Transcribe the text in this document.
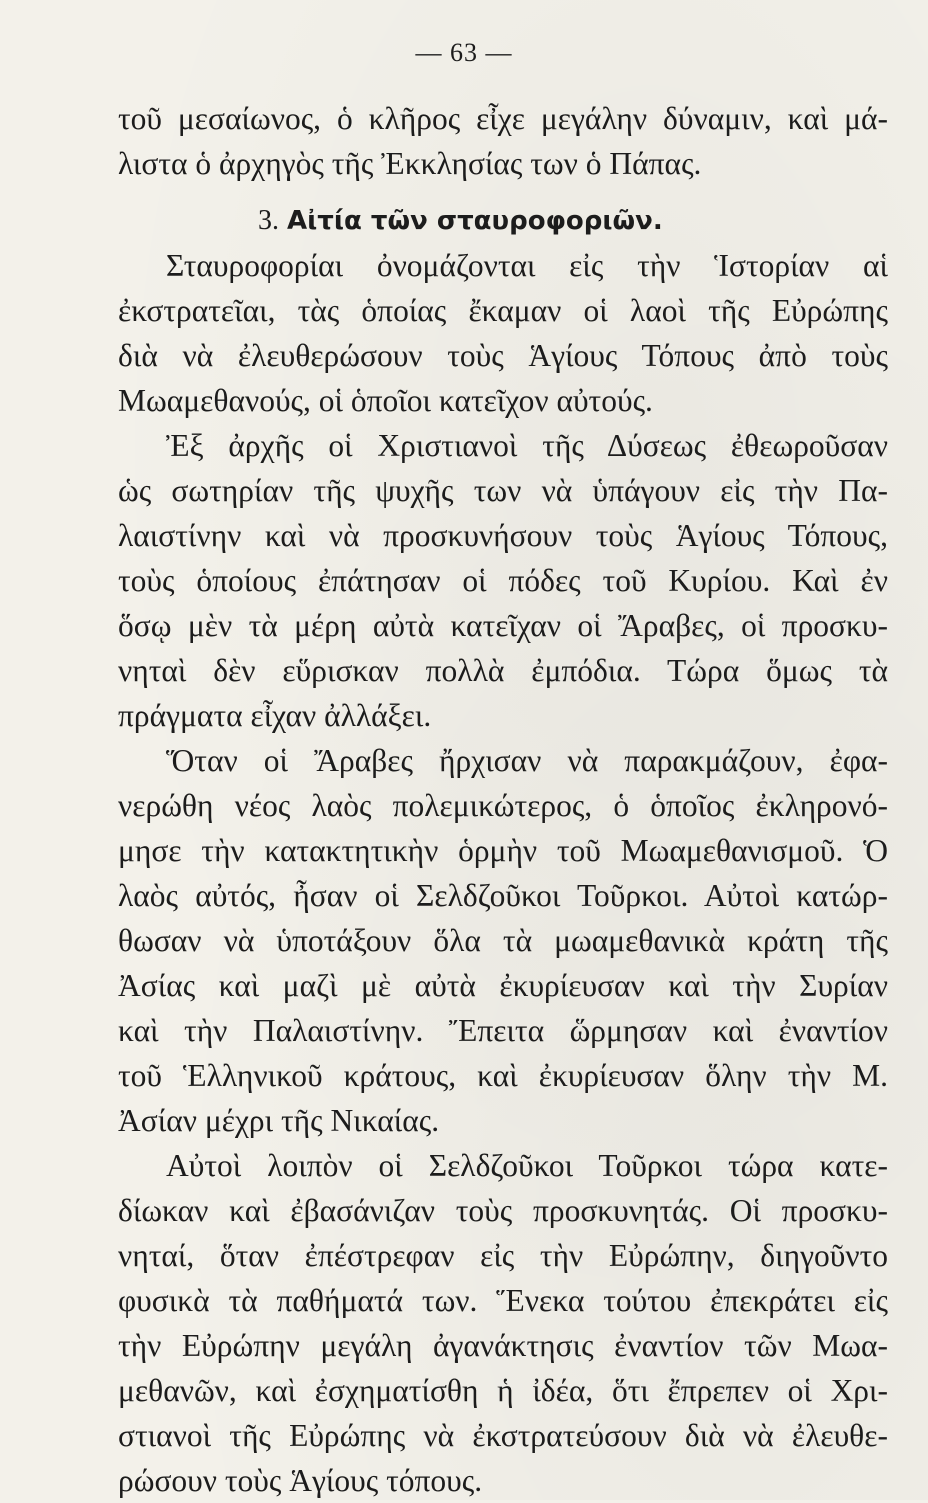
— 63 —
τοῦ μεσαίωνος, ὁ κλῆρος εἶχε μεγάλην δύναμιν, καὶ μά-
λιστα ὁ ἀρχηγὸς τῆς Ἐκκλησίας των ὁ Πάπας.
3. Αἰτία τῶν σταυροφοριῶν.
Σταυροφορίαι ὀνομάζονται εἰς τὴν Ἱστορίαν αἱ
ἐκστρατεῖαι, τὰς ὁποίας ἔκαμαν οἱ λαοὶ τῆς Εὐρώπης
διὰ νὰ ἐλευθερώσουν τοὺς Ἁγίους Τόπους ἀπὸ τοὺς
Μωαμεθανούς, οἱ ὁποῖοι κατεῖχον αὐτούς.
Ἐξ ἀρχῆς οἱ Χριστιανοὶ τῆς Δύσεως ἐθεωροῦσαν
ὡς σωτηρίαν τῆς ψυχῆς των νὰ ὑπάγουν εἰς τὴν Πα-
λαιστίνην καὶ νὰ προσκυνήσουν τοὺς Ἁγίους Τόπους,
τοὺς ὁποίους ἐπάτησαν οἱ πόδες τοῦ Κυρίου. Καὶ ἐν
ὅσῳ μὲν τὰ μέρη αὐτὰ κατεῖχαν οἱ Ἄραβες, οἱ προσκυ-
νηταὶ δὲν εὕρισκαν πολλὰ ἐμπόδια. Τώρα ὅμως τὰ
πράγματα εἶχαν ἀλλάξει.
Ὅταν οἱ Ἄραβες ἤρχισαν νὰ παρακμάζουν, ἐφα-
νερώθη νέος λαὸς πολεμικώτερος, ὁ ὁποῖος ἐκληρονό-
μησε τὴν κατακτητικὴν ὁρμὴν τοῦ Μωαμεθανισμοῦ. Ὁ
λαὸς αὐτός, ἦσαν οἱ Σελδζοῦκοι Τοῦρκοι. Αὐτοὶ κατώρ-
θωσαν νὰ ὑποτάξουν ὅλα τὰ μωαμεθανικὰ κράτη τῆς
Ἀσίας καὶ μαζὶ μὲ αὐτὰ ἐκυρίευσαν καὶ τὴν Συρίαν
καὶ τὴν Παλαιστίνην. Ἔπειτα ὥρμησαν καὶ ἐναντίον
τοῦ Ἑλληνικοῦ κράτους, καὶ ἐκυρίευσαν ὅλην τὴν Μ.
Ἀσίαν μέχρι τῆς Νικαίας.
Αὐτοὶ λοιπὸν οἱ Σελδζοῦκοι Τοῦρκοι τώρα κατε-
δίωκαν καὶ ἐβασάνιζαν τοὺς προσκυνητάς. Οἱ προσκυ-
νηταί, ὅταν ἐπέστρεφαν εἰς τὴν Εὐρώπην, διηγοῦντο
φυσικὰ τὰ παθήματά των. Ἕνεκα τούτου ἐπεκράτει εἰς
τὴν Εὐρώπην μεγάλη ἀγανάκτησις ἐναντίον τῶν Μωα-
μεθανῶν, καὶ ἐσχηματίσθη ἡ ἰδέα, ὅτι ἔπρεπεν οἱ Χρι-
στιανοὶ τῆς Εὐρώπης νὰ ἐκστρατεύσουν διὰ νὰ ἐλευθε-
ρώσουν τοὺς Ἁγίους τόπους.
